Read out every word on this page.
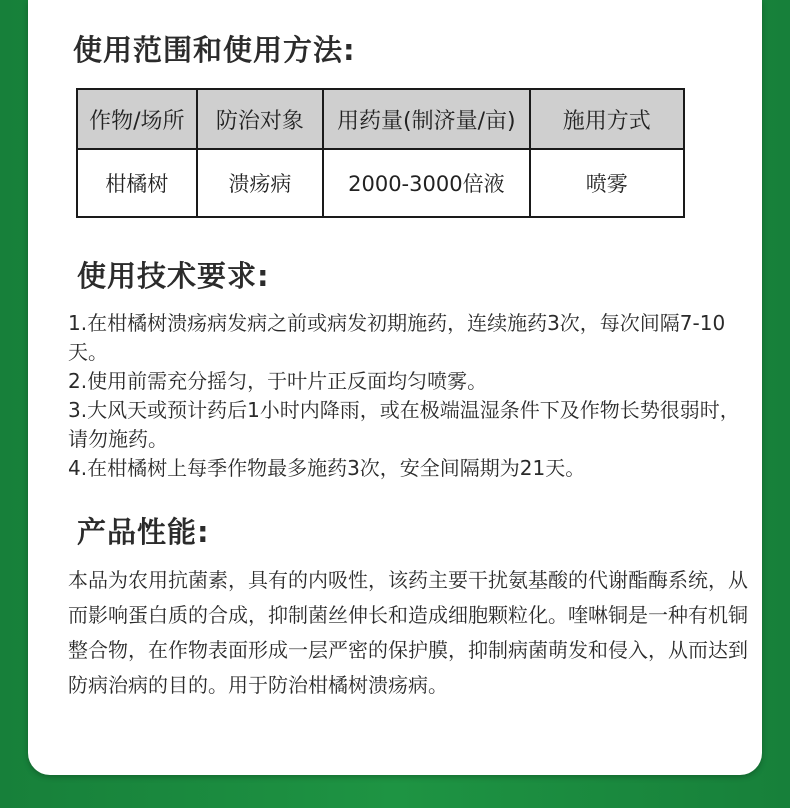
使用范围和使用方法:
作物/场所	防治对象	用药量(制济量/亩)	施用方式
柑橘树	溃疡病	2000-3000倍液	喷雾
使用技术要求:

1.在柑橘树溃疡病发病之前或病发初期施药，连续施药3次，每次间隔7-10天。

2.使用前需充分摇匀，于叶片正反面均匀喷雾。

3.大风天或预计药后1小时内降雨，或在极端温湿条件下及作物长势很弱时，请勿施药。

4.在柑橘树上每季作物最多施药3次，安全间隔期为21天。

产品性能:

本品为农用抗菌素，具有的内吸性，该药主要干扰氨基酸的代谢酯酶系统，从而影响蛋白质的合成，抑制菌丝伸长和造成细胞颗粒化。喹啉铜是一种有机铜整合物，在作物表面形成一层严密的保护膜，抑制病菌萌发和侵入，从而达到防病治病的目的。用于防治柑橘树溃疡病。
